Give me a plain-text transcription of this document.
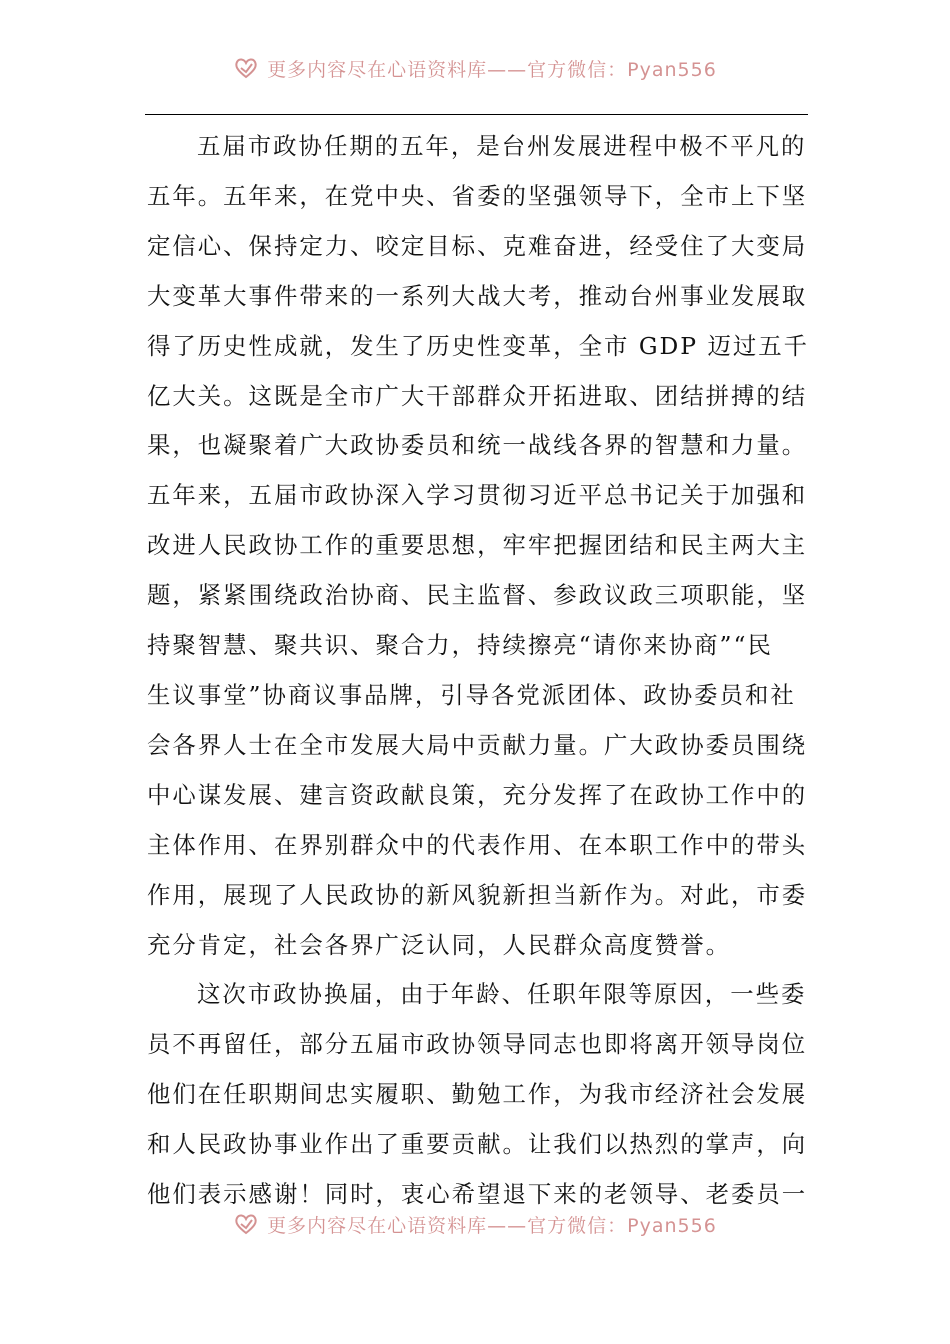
更多内容尽在心语资料库——官方微信：Pyan556

五届市政协任期的五年，是台州发展进程中极不平凡的
五年。五年来，在党中央、省委的坚强领导下，全市上下坚
定信心、保持定力、咬定目标、克难奋进，经受住了大变局
大变革大事件带来的一系列大战大考，推动台州事业发展取
得了历史性成就，发生了历史性变革，全市 GDP 迈过五千
亿大关。这既是全市广大干部群众开拓进取、团结拼搏的结
果，也凝聚着广大政协委员和统一战线各界的智慧和力量。
五年来，五届市政协深入学习贯彻习近平总书记关于加强和
改进人民政协工作的重要思想，牢牢把握团结和民主两大主
题，紧紧围绕政治协商、民主监督、参政议政三项职能，坚
持聚智慧、聚共识、聚合力，持续擦亮“请你来协商”“民
生议事堂”协商议事品牌，引导各党派团体、政协委员和社
会各界人士在全市发展大局中贡献力量。广大政协委员围绕
中心谋发展、建言资政献良策，充分发挥了在政协工作中的
主体作用、在界别群众中的代表作用、在本职工作中的带头
作用，展现了人民政协的新风貌新担当新作为。对此，市委
充分肯定，社会各界广泛认同，人民群众高度赞誉。

这次市政协换届，由于年龄、任职年限等原因，一些委
员不再留任，部分五届市政协领导同志也即将离开领导岗位
他们在任职期间忠实履职、勤勉工作，为我市经济社会发展
和人民政协事业作出了重要贡献。让我们以热烈的掌声，向
他们表示感谢！同时，衷心希望退下来的老领导、老委员一

更多内容尽在心语资料库——官方微信：Pyan556
